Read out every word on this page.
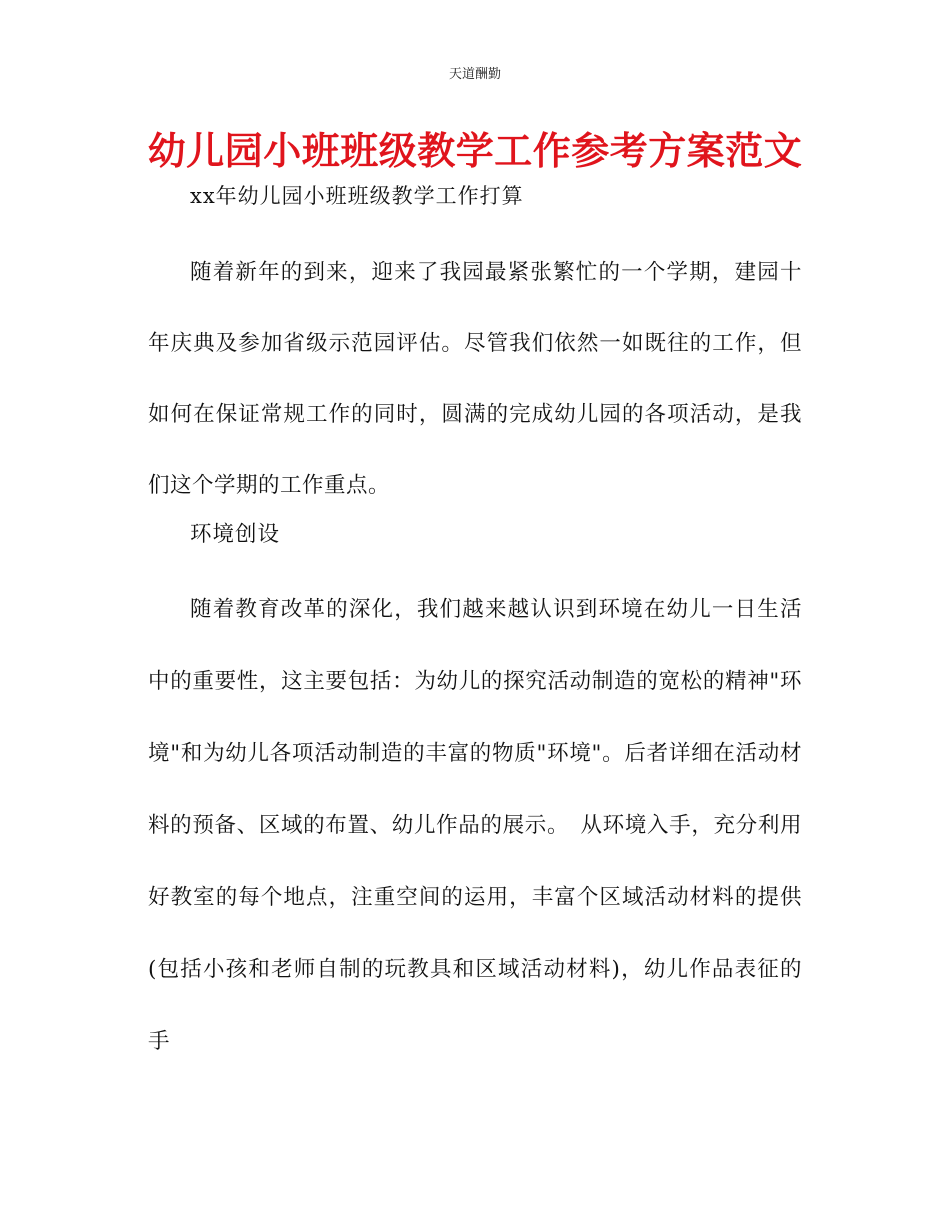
天道酬勤
幼儿园小班班级教学工作参考方案范文
xx年幼儿园小班班级教学工作打算
随着新年的到来，迎来了我园最紧张繁忙的一个学期，建园十年庆典及参加省级示范园评估。尽管我们依然一如既往的工作，但如何在保证常规工作的同时，圆满的完成幼儿园的各项活动，是我们这个学期的工作重点。
环境创设
随着教育改革的深化，我们越来越认识到环境在幼儿一日生活中的重要性，这主要包括：为幼儿的探究活动制造的宽松的精神"环境"和为幼儿各项活动制造的丰富的物质"环境"。后者详细在活动材料的预备、区域的布置、幼儿作品的展示。　从环境入手，充分利用好教室的每个地点，注重空间的运用，丰富个区域活动材料的提供(包括小孩和老师自制的玩教具和区域活动材料)，幼儿作品表征的手
